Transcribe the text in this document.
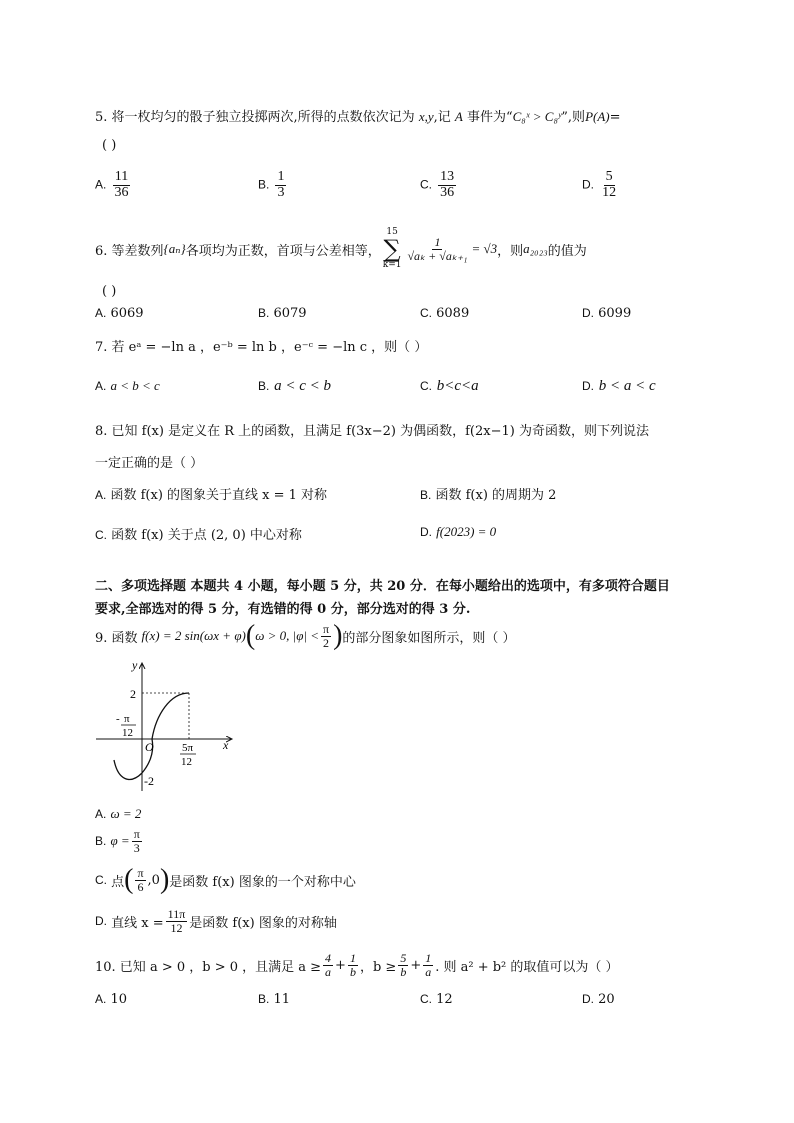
5. 将一枚均匀的骰子独立投掷两次,所得的点数依次记为 x,y,记 A 事件为“C₈ˣ > C₈ʸ”,则P(A)=
( )
A. $\frac{11}{36}$	B. $\frac{1}{3}$	C. $\frac{13}{36}$	D. $\frac{5}{12}$
6. 等差数列 {aₙ} 各项均为正数，首项与公差相等，
15
∑
k=1
$\frac{1}{\text{√aₖ + √aₖ₊₁}} = √3$ ，则 a₂₀₂₃ 的值为
( )
A. 6069	B. 6079	C. 6089	D. 6099
7. 若 eᵃ = −ln a ，e⁻ᵇ = ln b ，e⁻ᶜ = −ln c ，则（ ）
A. a < b < c	B. a < c < b	C. b<c<a	D. b < a < c
8. 已知 f(x) 是定义在 R 上的函数，且满足 f(3x−2) 为偶函数，f(2x−1) 为奇函数，则下列说法
一定正确的是（ ）
A. 函数 f(x) 的图象关于直线 x = 1 对称	B. 函数 f(x) 的周期为 2
C. 函数 f(x) 关于点 (2, 0) 中心对称	D. f(2023) = 0
二、多项选择题 本题共 4 小题，每小题 5 分，共 20 分．在每小题给出的选项中，有多项符合题目
要求,全部选对的得 5 分，有选错的得 0 分，部分选对的得 3 分.
9. 函数 f(x) = 2 sin(ωx + φ) ( ω > 0, $|\varphi| < \frac{\pi}{2}$ ) 的部分图象如图所示，则（ ）
y
x
O
2
-2
- π
12
5π
12
A. ω = 2
B.
$\varphi = \frac{\pi}{3}$
C.
点 ( $\frac{\pi}{6} ,0$ ) 是函数 f(x) 图象的一个对称中心
D.
直线 $x = \frac{11\pi}{12}$ 是函数 f(x) 图象的对称轴
10. 已知 a > 0 ，b > 0 ，且满足 $a \ge \frac{4}{a} + \frac{1}{b}$ ，$b \ge \frac{5}{b} + \frac{1}{a}$ . 则 a² + b² 的取值可以为（ ）
A. 10	B. 11	C. 12	D. 20
